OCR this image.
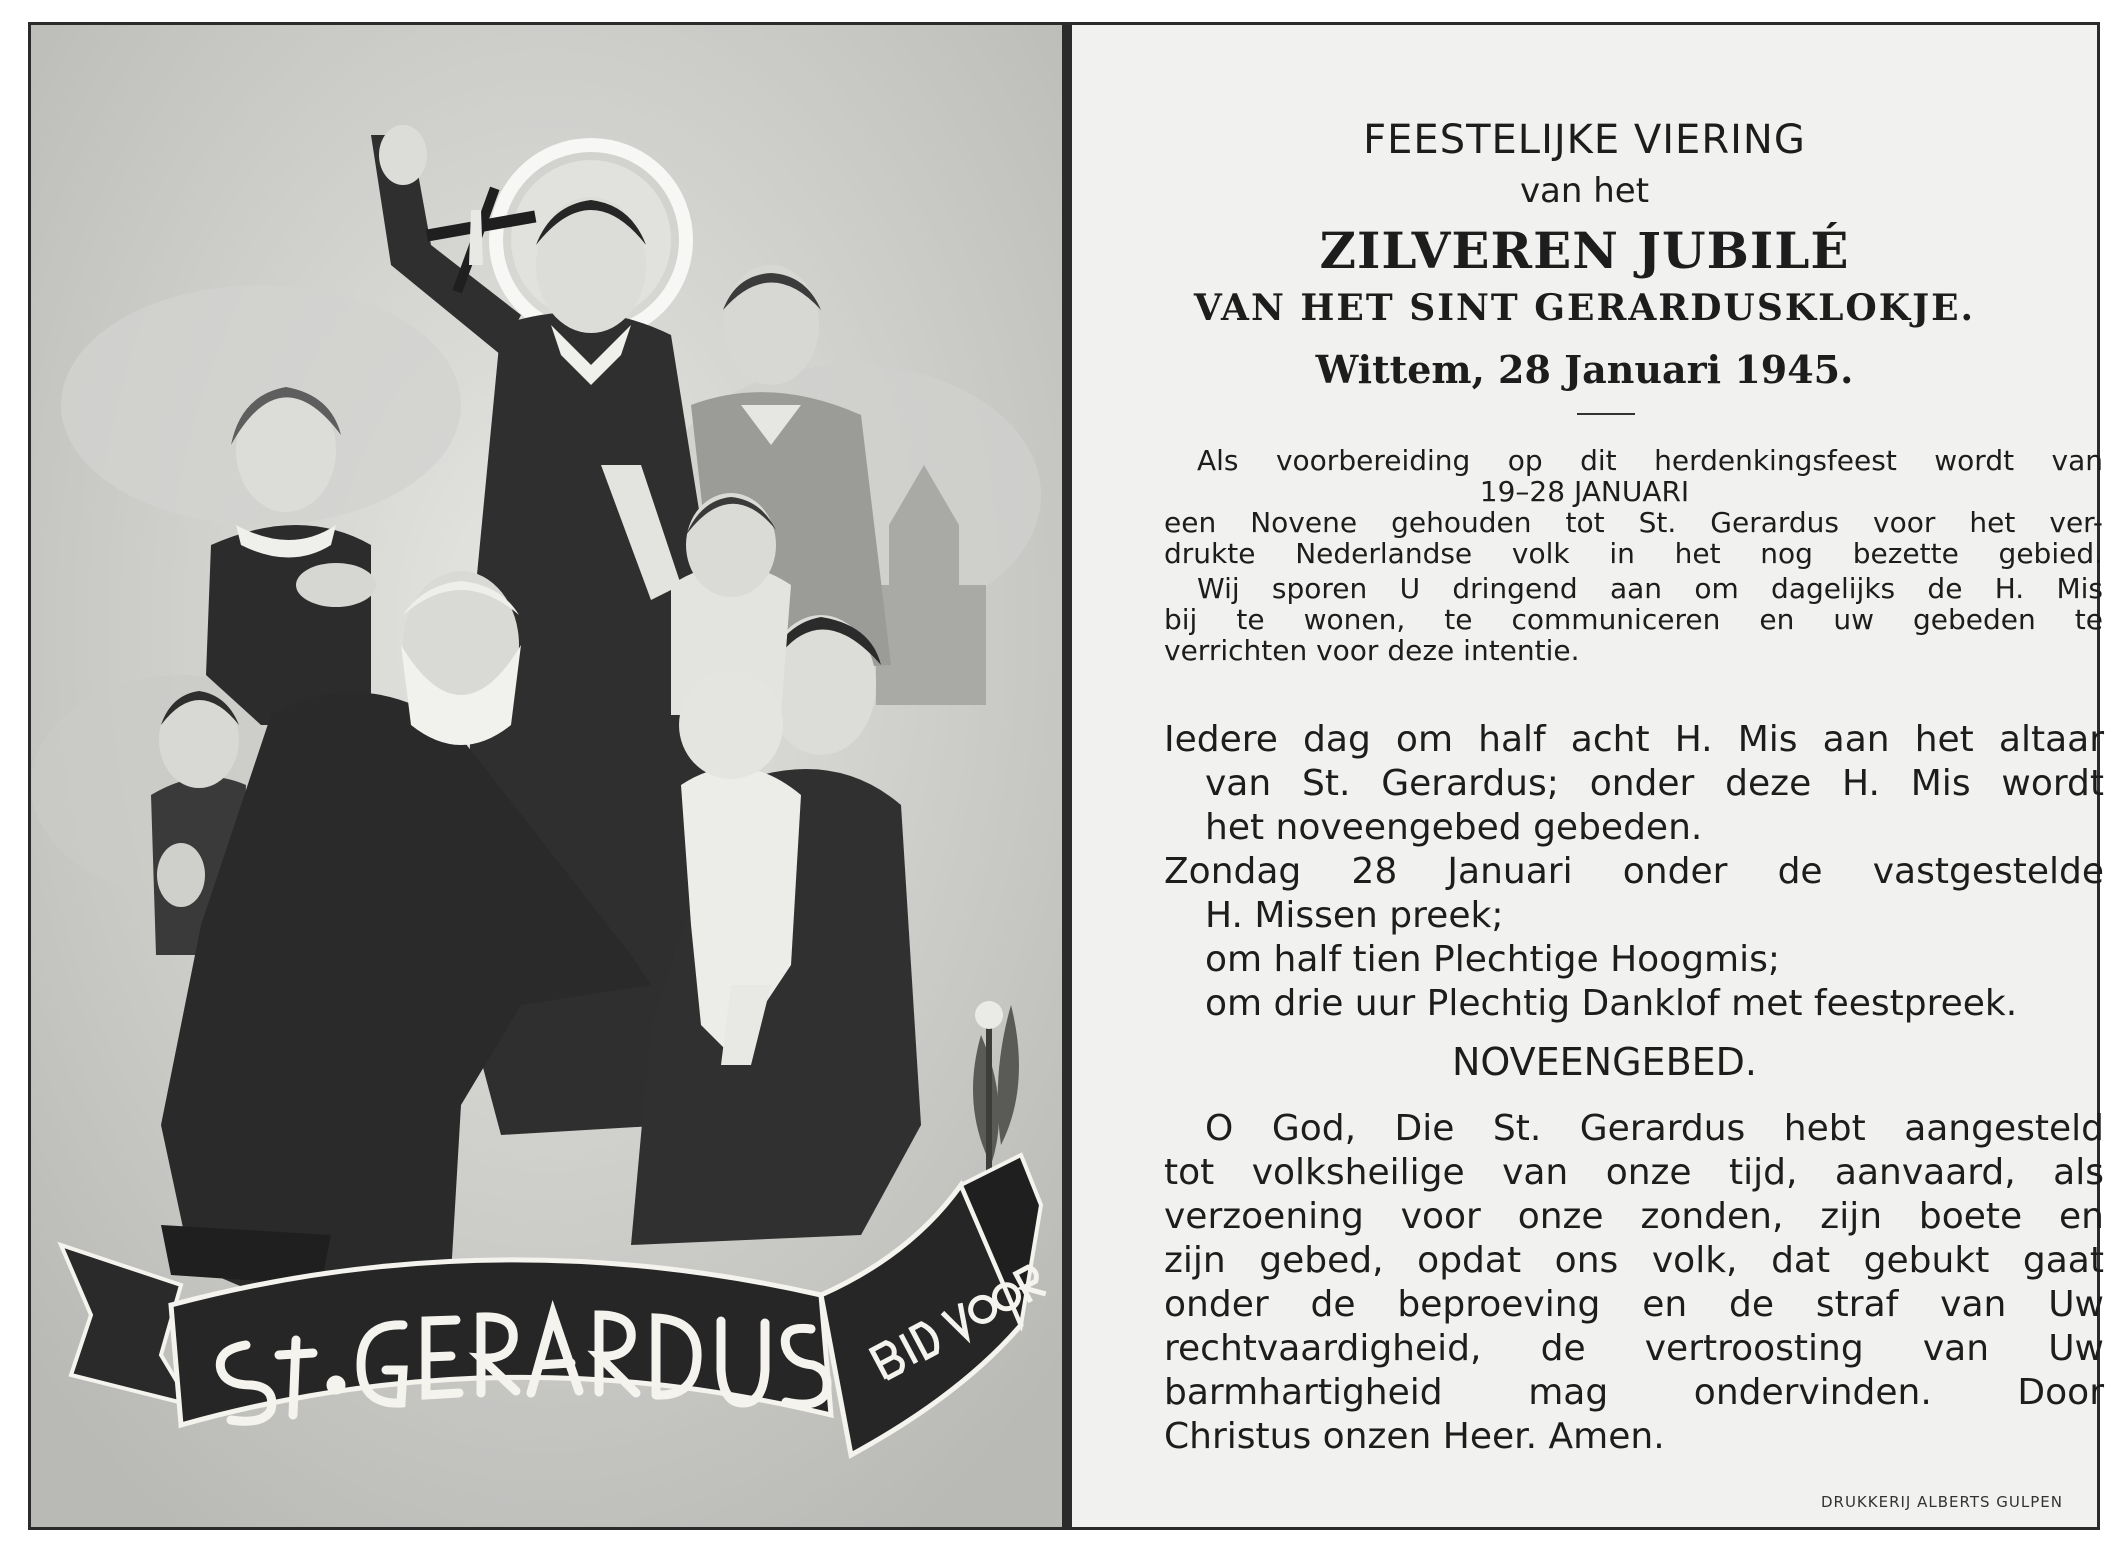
FEESTELIJKE VIERING
van het
ZILVEREN JUBILÉ
VAN HET SINT GERARDUSKLOKJE.
Wittem, 28 Januari 1945.
Als voorbereiding op dit herdenkingsfeest wordt van
19–28 JANUARI
een Novene gehouden tot St. Gerardus voor het ver-
drukte Nederlandse volk in het nog bezette gebied.
Wij sporen U dringend aan om dagelijks de H. Mis
bij te wonen, te communiceren en uw gebeden te
verrichten voor deze intentie.
Iedere dag om half acht H. Mis aan het altaar
van St. Gerardus; onder deze H. Mis wordt
het noveengebed gebeden.
Zondag 28 Januari onder de vastgestelde
H. Missen preek;
om half tien Plechtige Hoogmis;
om drie uur Plechtig Danklof met feestpreek.
NOVEENGEBED.
O God, Die St. Gerardus hebt aangesteld
tot volksheilige van onze tijd, aanvaard, als
verzoening voor onze zonden, zijn boete en
zijn gebed, opdat ons volk, dat gebukt gaat
onder de beproeving en de straf van Uw
rechtvaardigheid, de vertroosting van Uw
barmhartigheid mag ondervinden. Door
Christus onzen Heer. Amen.
DRUKKERIJ ALBERTS GULPEN
